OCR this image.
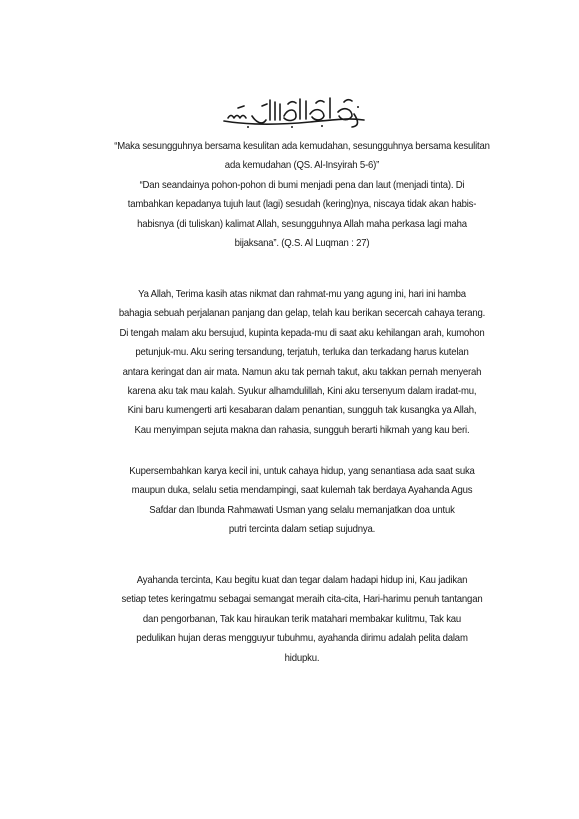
“Maka sesungguhnya bersama kesulitan ada kemudahan, sesungguhnya bersama kesulitan
ada kemudahan (QS. Al-Insyirah 5-6)”
“Dan seandainya pohon-pohon di bumi menjadi pena dan laut (menjadi tinta). Di
tambahkan kepadanya tujuh laut (lagi) sesudah (kering)nya, niscaya tidak akan habis-
habisnya (di tuliskan) kalimat Allah, sesungguhnya Allah maha perkasa lagi maha
bijaksana”. (Q.S. Al Luqman : 27)
Ya Allah, Terima kasih atas nikmat dan rahmat-mu yang agung ini, hari ini hamba
bahagia sebuah perjalanan panjang dan gelap, telah kau berikan secercah cahaya terang.
Di tengah malam aku bersujud, kupinta kepada-mu di saat aku kehilangan arah, kumohon
petunjuk-mu. Aku sering tersandung, terjatuh, terluka dan terkadang harus kutelan
antara keringat dan air mata. Namun aku tak pernah takut, aku takkan pernah menyerah
karena aku tak mau kalah. Syukur alhamdulillah, Kini aku tersenyum dalam iradat-mu,
Kini baru kumengerti arti kesabaran dalam penantian, sungguh tak kusangka ya Allah,
Kau menyimpan sejuta makna dan rahasia, sungguh berarti hikmah yang kau beri.
Kupersembahkan karya kecil ini, untuk cahaya hidup, yang senantiasa ada saat suka
maupun duka, selalu setia mendampingi, saat kulemah tak berdaya Ayahanda Agus
Safdar dan Ibunda Rahmawati Usman yang selalu memanjatkan doa untuk
putri tercinta dalam setiap sujudnya.
Ayahanda tercinta, Kau begitu kuat dan tegar dalam hadapi hidup ini, Kau jadikan
setiap tetes keringatmu sebagai semangat meraih cita-cita, Hari-harimu penuh tantangan
dan pengorbanan, Tak kau hiraukan terik matahari membakar kulitmu, Tak kau
pedulikan hujan deras mengguyur tubuhmu, ayahanda dirimu adalah pelita dalam
hidupku.
